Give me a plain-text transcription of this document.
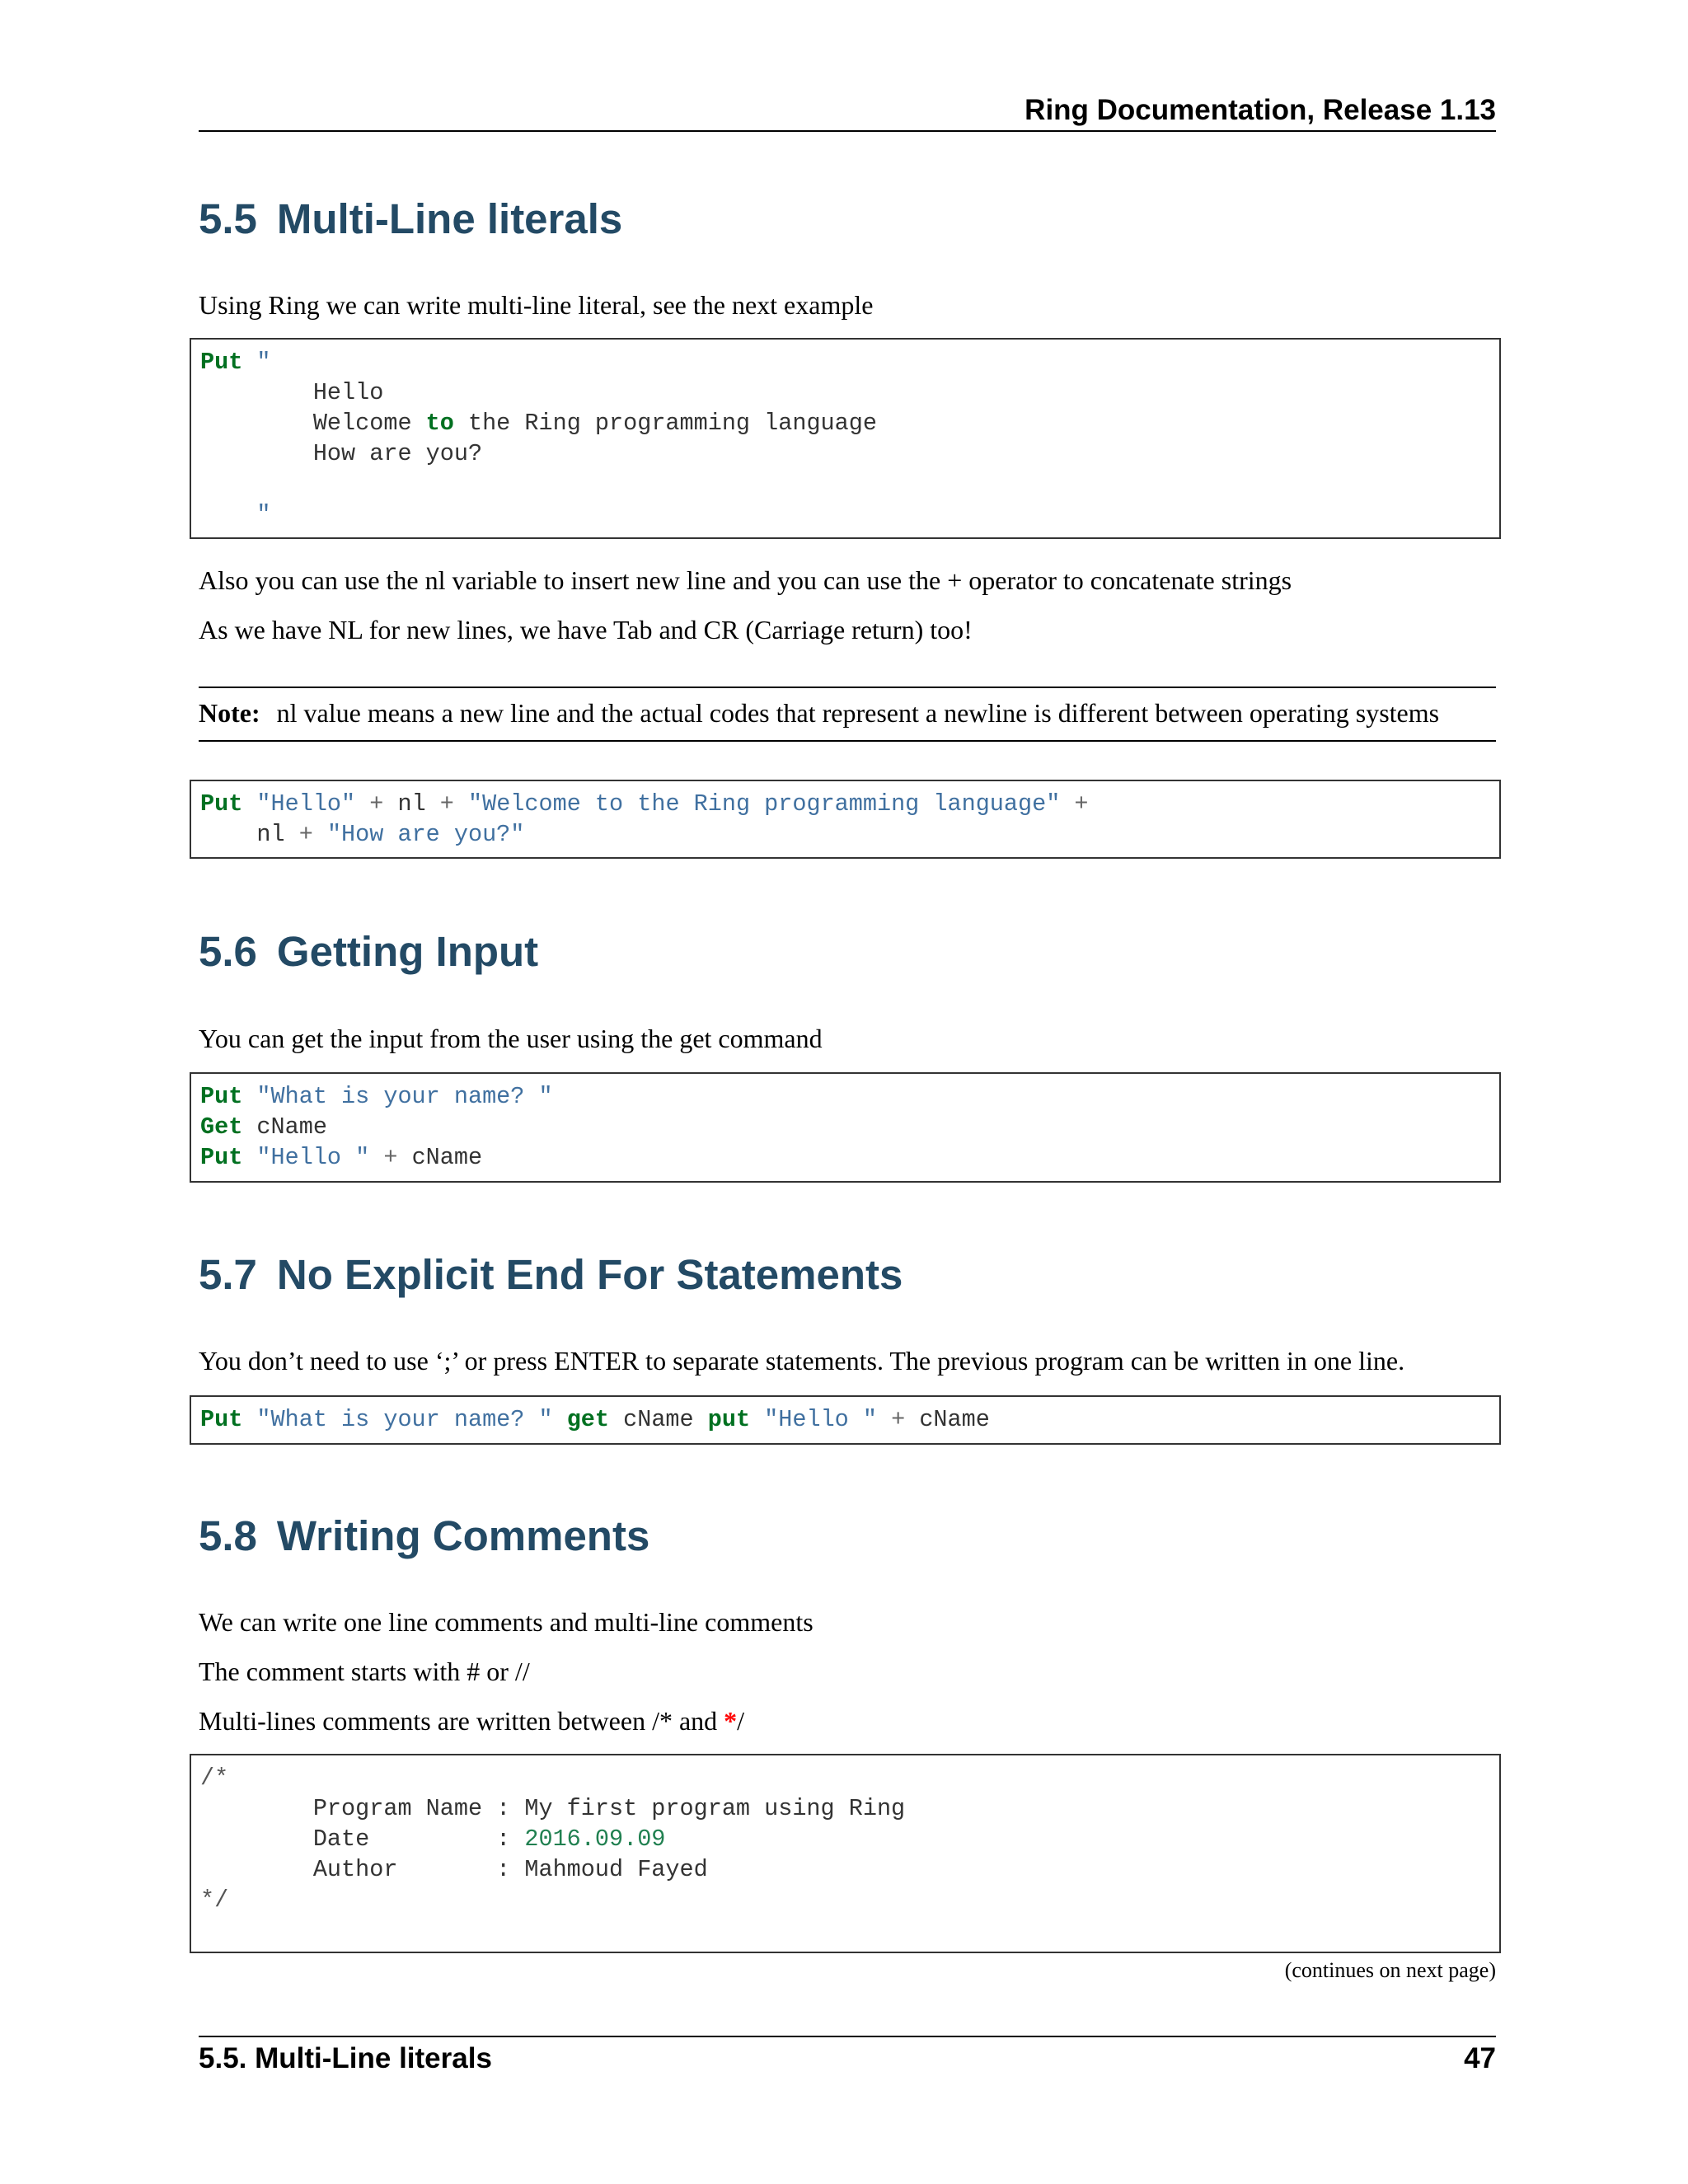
Ring Documentation, Release 1.13
5.5 Multi-Line literals

Using Ring we can write multi-line literal, see the next example

Put "
Hello
Welcome to the Ring programming language
How are you?

"

Also you can use the nl variable to insert new line and you can use the + operator to concatenate strings

As we have NL for new lines, we have Tab and CR (Carriage return) too!

Note: nl value means a new line and the actual codes that represent a newline is different between operating systems
Put "Hello" + nl + "Welcome to the Ring programming language" +
nl + "How are you?"
5.6 Getting Input

You can get the input from the user using the get command

Put "What is your name? "
Get cName
Put "Hello " + cName
5.7 No Explicit End For Statements

You don’t need to use ‘;’ or press ENTER to separate statements. The previous program can be written in one line.

Put "What is your name? " get cName put "Hello " + cName
5.8 Writing Comments

We can write one line comments and multi-line comments

The comment starts with # or //

Multi-lines comments are written between /* and */

/*
Program Name : My first program using Ring
Date         : 2016.09.09
Author       : Mahmoud Fayed
*/
(continues on next page)
5.5. Multi-Line literals	47
